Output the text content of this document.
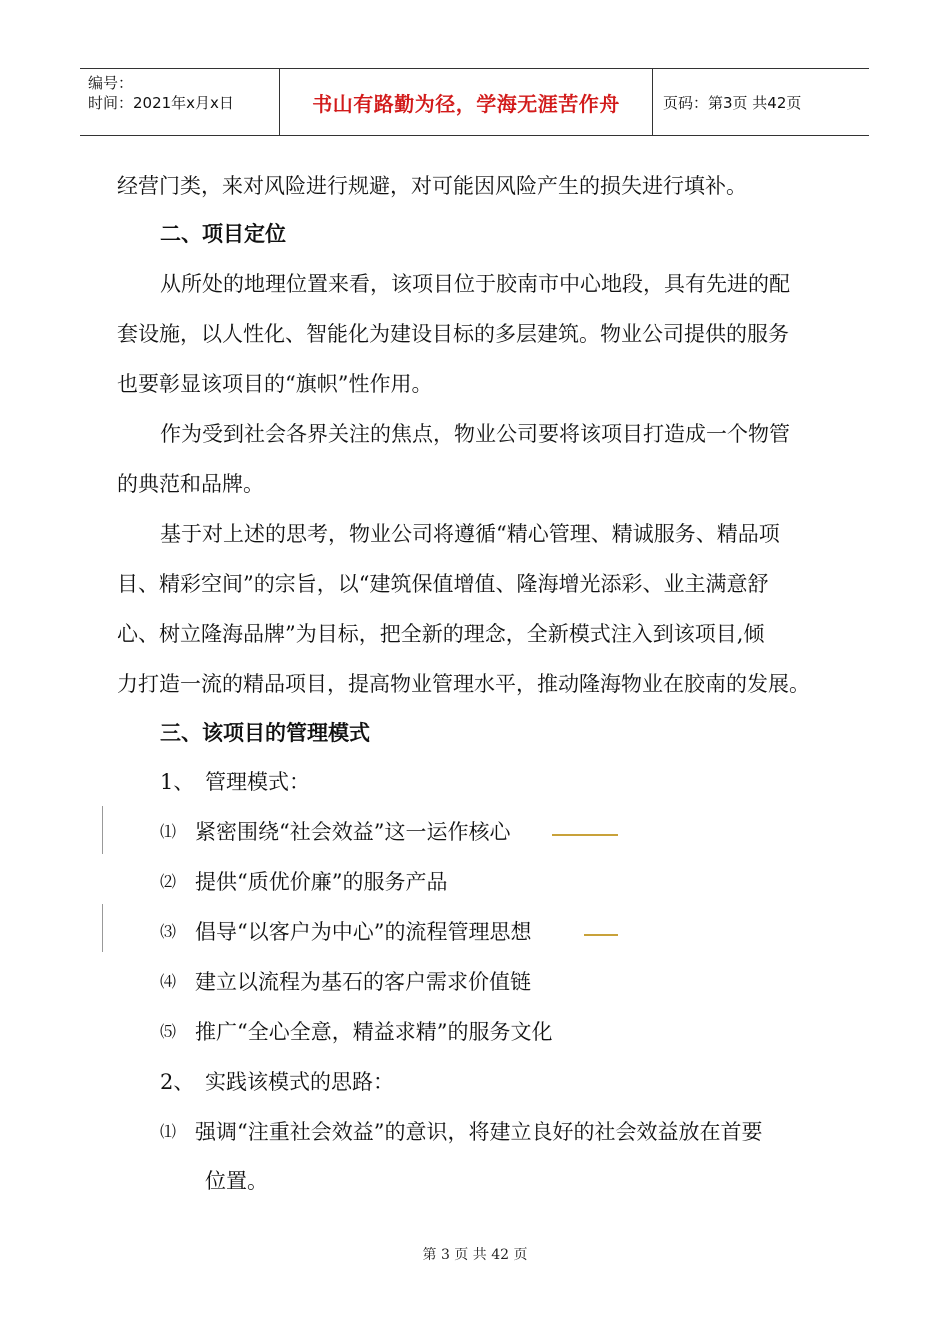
编号：
时间：2021年x月x日	书山有路勤为径，学海无涯苦作舟	页码：第3页 共42页
经营门类，来对风险进行规避，对可能因风险产生的损失进行填补。
二、项目定位
从所处的地理位置来看，该项目位于胶南市中心地段，具有先进的配
套设施，以人性化、智能化为建设目标的多层建筑。物业公司提供的服务
也要彰显该项目的“旗帜”性作用。
作为受到社会各界关注的焦点，物业公司要将该项目打造成一个物管
的典范和品牌。
基于对上述的思考，物业公司将遵循“精心管理、精诚服务、精品项
目、精彩空间”的宗旨，以“建筑保值增值、隆海增光添彩、业主满意舒
心、树立隆海品牌”为目标，把全新的理念，全新模式注入到该项目,倾
力打造一流的精品项目，提高物业管理水平，推动隆海物业在胶南的发展。
三、该项目的管理模式
1、 管理模式：
⑴ 紧密围绕“社会效益”这一运作核心
⑵ 提供“质优价廉”的服务产品
⑶ 倡导“以客户为中心”的流程管理思想
⑷ 建立以流程为基石的客户需求价值链
⑸ 推广“全心全意，精益求精”的服务文化
2、 实践该模式的思路：
⑴ 强调“注重社会效益”的意识，将建立良好的社会效益放在首要
位置。
第 3 页 共 42 页
